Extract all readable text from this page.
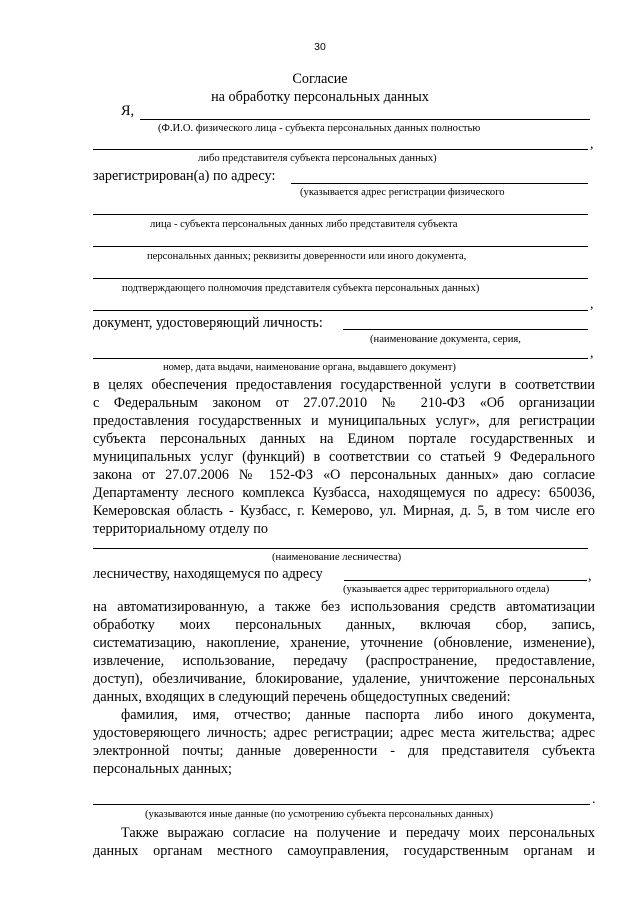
30
Согласие
на обработку персональных данных
Я,
(Ф.И.О. физического лица - субъекта персональных данных полностью
,
либо представителя субъекта персональных данных)
зарегистрирован(а) по адресу:
(указывается адрес регистрации физического
лица - субъекта персональных данных либо представителя субъекта
персональных данных; реквизиты доверенности или иного документа,
подтверждающего полномочия представителя субъекта персональных данных)
,
документ, удостоверяющий личность:
(наименование документа, серия,
,
номер, дата выдачи, наименование органа, выдавшего документ)
в целях обеспечения предоставления государственной услуги в соответствии
с Федеральным законом от 27.07.2010 № 210-ФЗ «Об организации
предоставления государственных и муниципальных услуг», для регистрации
субъекта персональных данных на Едином портале государственных и
муниципальных услуг (функций) в соответствии со статьей 9 Федерального
закона от 27.07.2006 № 152-ФЗ «О персональных данных» даю согласие
Департаменту лесного комплекса Кузбасса, находящемуся по адресу: 650036,
Кемеровская область - Кузбасс, г. Кемерово, ул. Мирная, д. 5, в том числе его
территориальному отделу по
(наименование лесничества)
лесничеству, находящемуся по адресу	,
(указывается адрес территориального отдела)
на автоматизированную, а также без использования средств автоматизации
обработку моих персональных данных, включая сбор, запись,
систематизацию, накопление, хранение, уточнение (обновление, изменение),
извлечение, использование, передачу (распространение, предоставление,
доступ), обезличивание, блокирование, удаление, уничтожение персональных
данных, входящих в следующий перечень общедоступных сведений:
фамилия, имя, отчество; данные паспорта либо иного документа,
удостоверяющего личность; адрес регистрации; адрес места жительства; адрес
электронной почты; данные доверенности - для представителя субъекта
персональных данных;
.
(указываются иные данные (по усмотрению субъекта персональных данных)
Также выражаю согласие на получение и передачу моих персональных
данных органам местного самоуправления, государственным органам и
